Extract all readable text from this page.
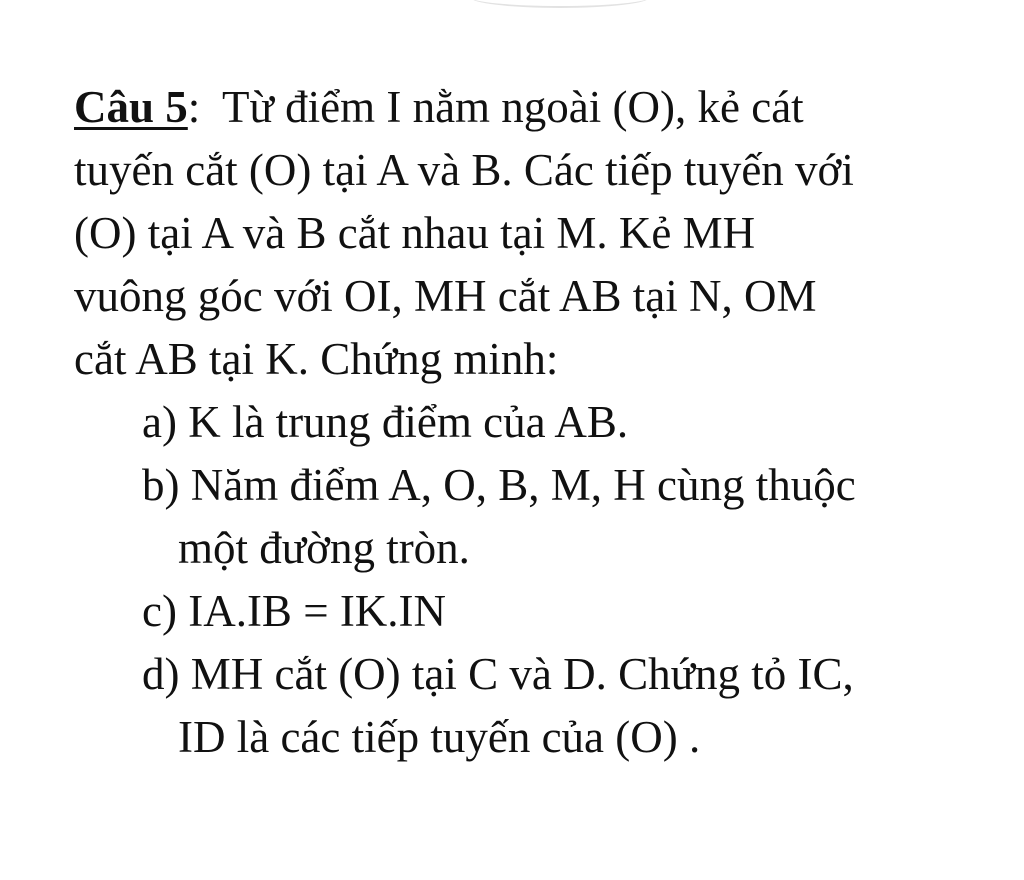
Câu 5:  Từ điểm I nằm ngoài (O), kẻ cát
tuyến cắt (O) tại A và B. Các tiếp tuyến với
(O) tại A và B cắt nhau tại M. Kẻ MH
vuông góc với OI, MH cắt AB tại N, OM
cắt AB tại K. Chứng minh:
a) K là trung điểm của AB.
b) Năm điểm A, O, B, M, H cùng thuộc
một đường tròn.
c) IA.IB = IK.IN
d) MH cắt (O) tại C và D. Chứng tỏ IC,
ID là các tiếp tuyến của (O) .
